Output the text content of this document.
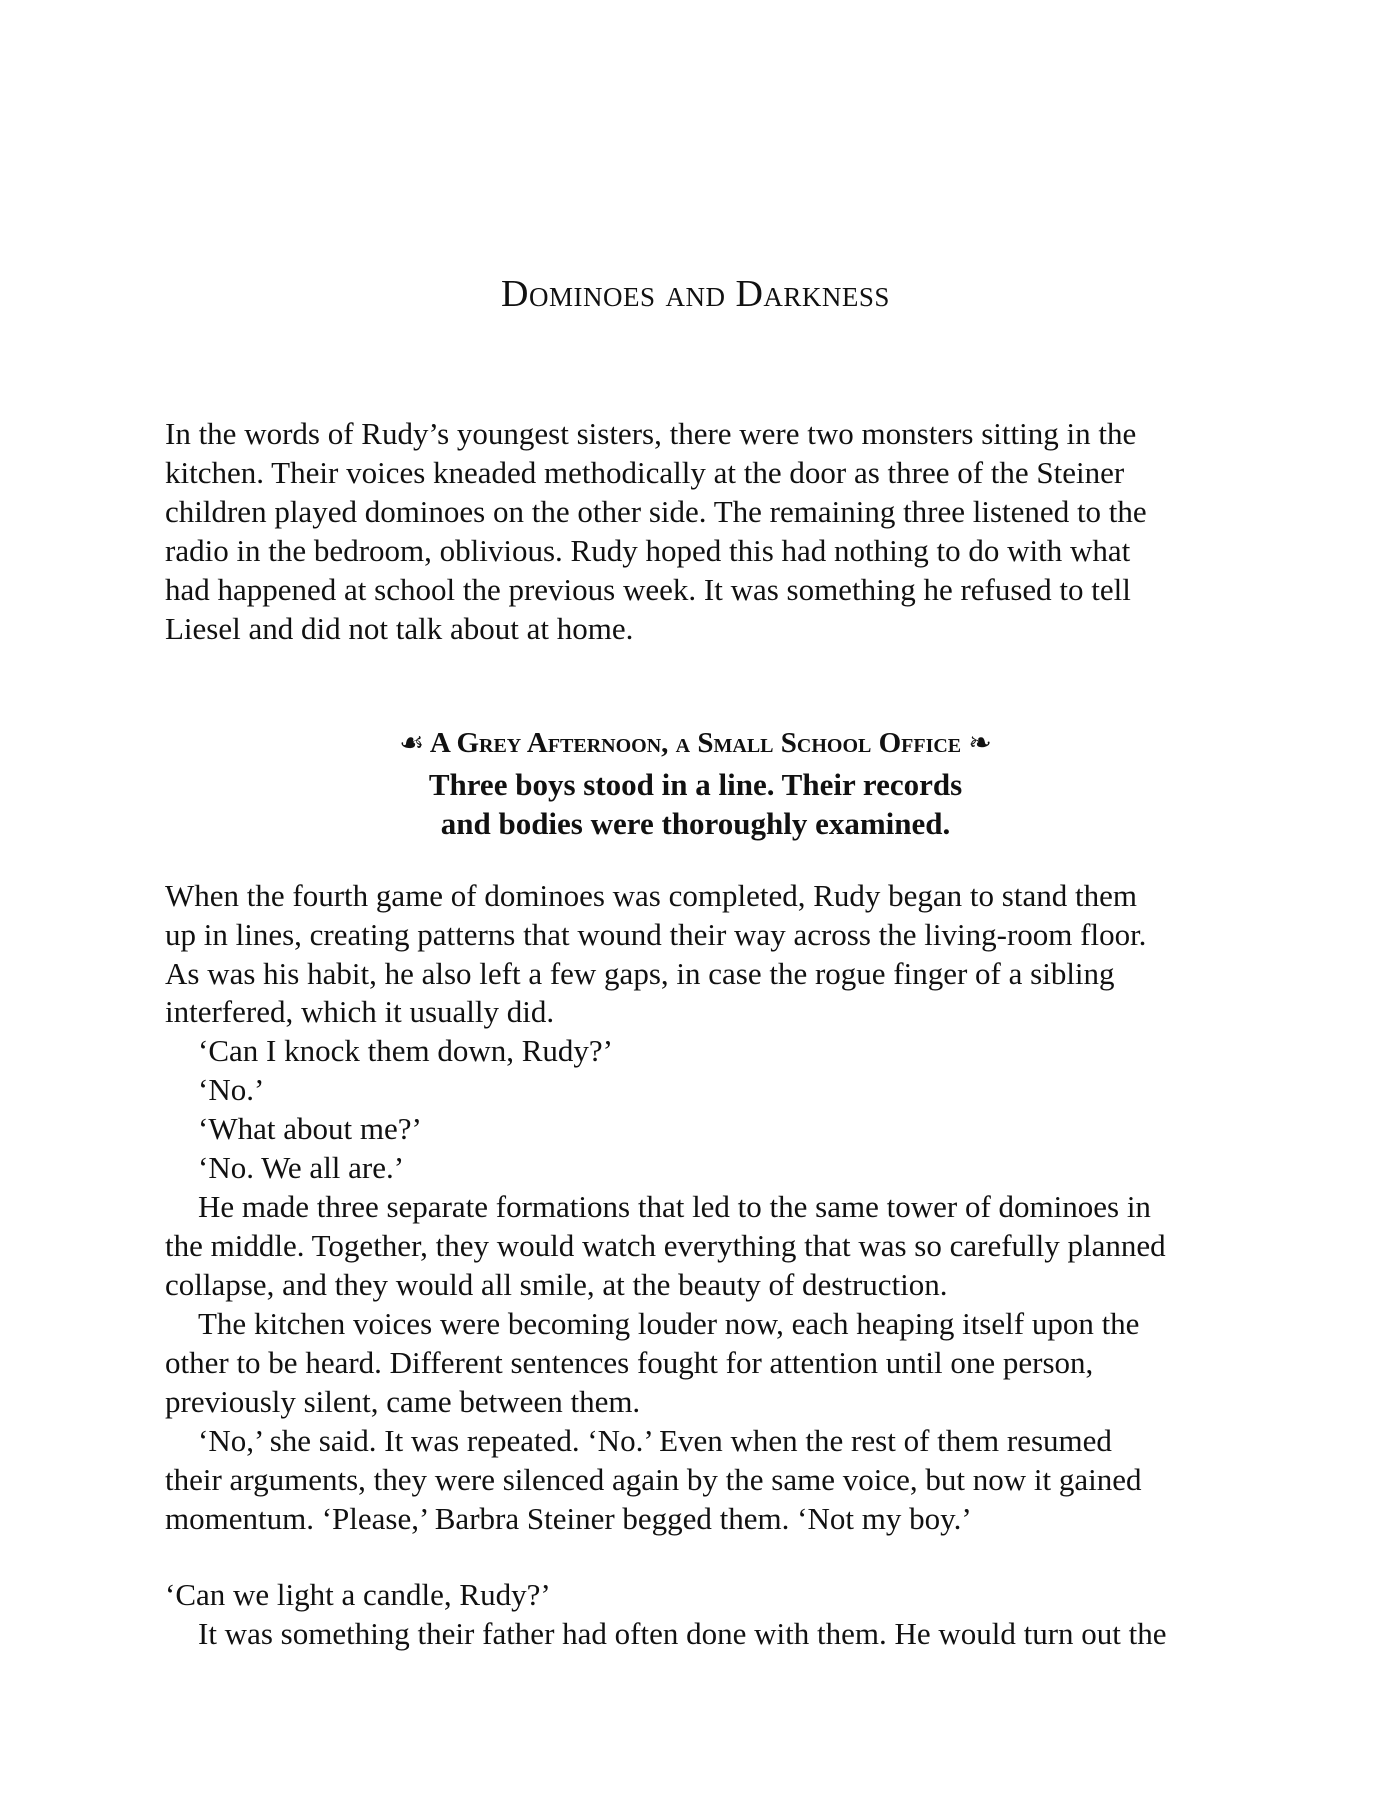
Dominoes and Darkness
In the words of Rudy’s youngest sisters, there were two monsters sitting in the
kitchen. Their voices kneaded methodically at the door as three of the Steiner
children played dominoes on the other side. The remaining three listened to the
radio in the bedroom, oblivious. Rudy hoped this had nothing to do with what
had happened at school the previous week. It was something he refused to tell
Liesel and did not talk about at home.
☙ A Grey Afternoon, a Small School Office ❧
Three boys stood in a line. Their records
and bodies were thoroughly examined.
When the fourth game of dominoes was completed, Rudy began to stand them
up in lines, creating patterns that wound their way across the living-room floor.
As was his habit, he also left a few gaps, in case the rogue finger of a sibling
interfered, which it usually did.
‘Can I knock them down, Rudy?’
‘No.’
‘What about me?’
‘No. We all are.’
He made three separate formations that led to the same tower of dominoes in
the middle. Together, they would watch everything that was so carefully planned
collapse, and they would all smile, at the beauty of destruction.
The kitchen voices were becoming louder now, each heaping itself upon the
other to be heard. Different sentences fought for attention until one person,
previously silent, came between them.
‘No,’ she said. It was repeated. ‘No.’ Even when the rest of them resumed
their arguments, they were silenced again by the same voice, but now it gained
momentum. ‘Please,’ Barbra Steiner begged them. ‘Not my boy.’
‘Can we light a candle, Rudy?’
It was something their father had often done with them. He would turn out the
